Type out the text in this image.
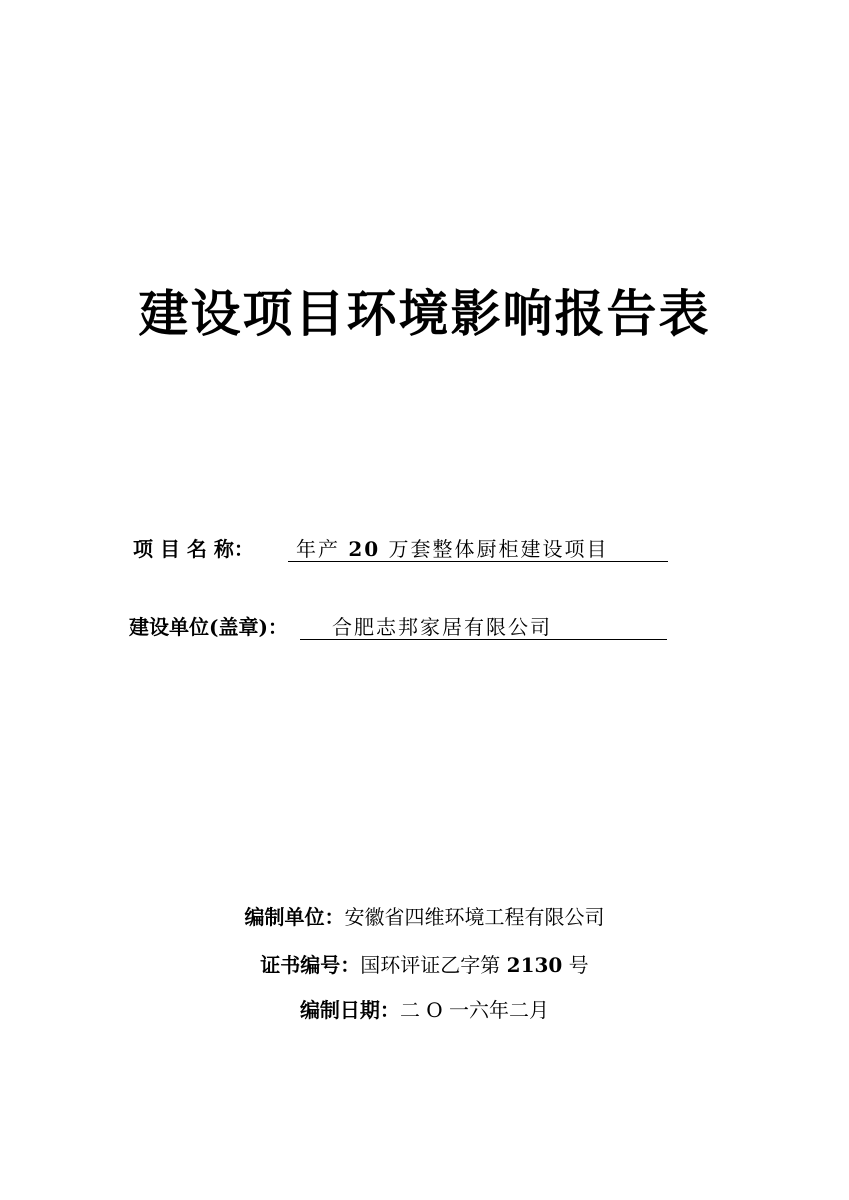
建设项目环境影响报告表
项 目 名 称：	年产 20 万套整体厨柜建设项目
建设单位(盖章)：	合肥志邦家居有限公司
编制单位：安徽省四维环境工程有限公司
证书编号：国环评证乙字第 2130 号
编制日期：二 O 一六年二月
